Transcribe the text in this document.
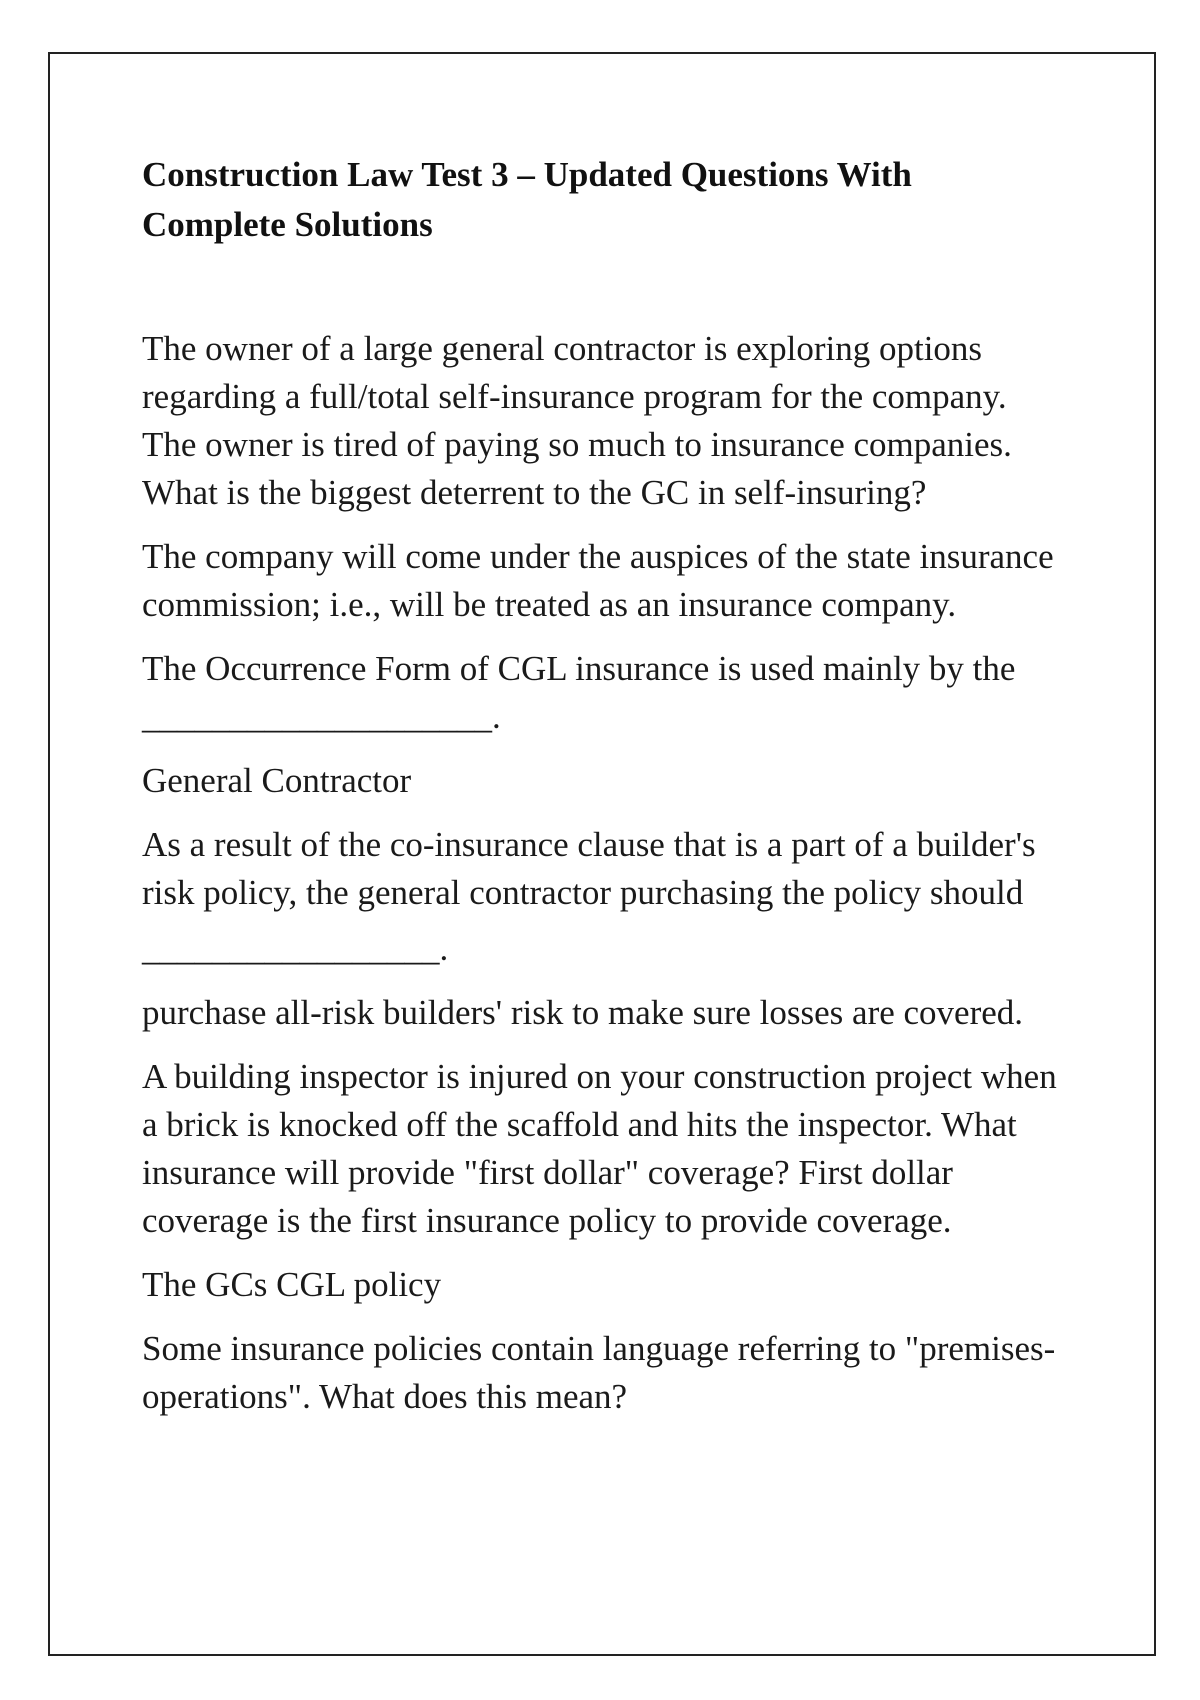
Construction Law Test 3 – Updated Questions With Complete Solutions

The owner of a large general contractor is exploring options regarding a full/total self-insurance program for the company. The owner is tired of paying so much to insurance companies. What is the biggest deterrent to the GC in self-insuring?

The company will come under the auspices of the state insurance commission; i.e., will be treated as an insurance company.

The Occurrence Form of CGL insurance is used mainly by the

____________________.

General Contractor

As a result of the co-insurance clause that is a part of a builder's risk policy, the general contractor purchasing the policy should

_________________.

purchase all-risk builders' risk to make sure losses are covered.

A building inspector is injured on your construction project when a brick is knocked off the scaffold and hits the inspector. What insurance will provide "first dollar" coverage? First dollar coverage is the first insurance policy to provide coverage.

The GCs CGL policy

Some insurance policies contain language referring to "premises-operations". What does this mean?
